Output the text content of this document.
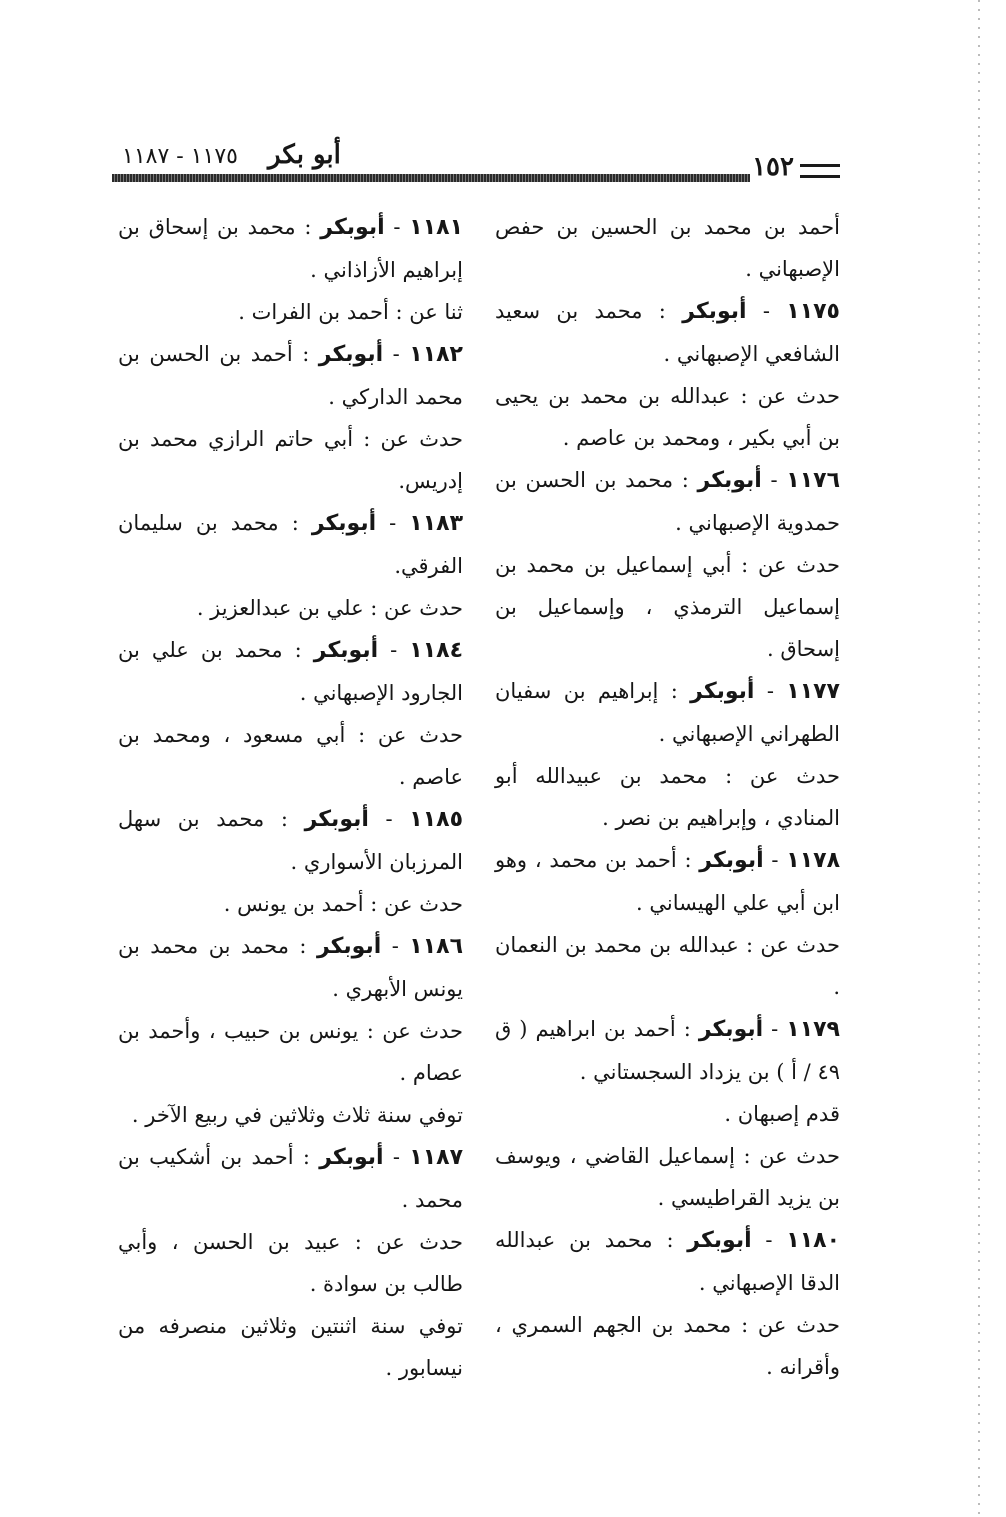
١١٧٥ - ١١٨٧ أبو بكر	١٥٢

أحمد بن محمد بن الحسين بن حفص الإصبهاني .

١١٧٥ - أبوبكر : محمد بن سعيد الشافعي الإصبهاني .

حدث عن : عبدالله بن محمد بن يحيى بن أبي بكير ، ومحمد بن عاصم .

١١٧٦ - أبوبكر : محمد بن الحسن بن حمدوية الإصبهاني .

حدث عن : أبي إسماعيل بن محمد بن إسماعيل الترمذي ، وإسماعيل بن إسحاق .

١١٧٧ - أبوبكر : إبراهيم بن سفيان الطهراني الإصبهاني .

حدث عن : محمد بن عبيدالله أبو المنادي ، وإبراهيم بن نصر .

١١٧٨ - أبوبكر : أحمد بن محمد ، وهو ابن أبي علي الهيساني .

حدث عن : عبدالله بن محمد بن النعمان .

١١٧٩ - أبوبكر : أحمد بن ابراهيم ( ق ٤٩ / أ ) بن يزداد السجستاني .

قدم إصبهان .

حدث عن : إسماعيل القاضي ، ويوسف بن يزيد القراطيسي .

١١٨٠ - أبوبكر : محمد بن عبدالله الدقا الإصبهاني .

حدث عن : محمد بن الجهم السمري ، وأقرانه .

١١٨١ - أبوبكر : محمد بن إسحاق بن إبراهيم الأزاذاني .

ثنا عن : أحمد بن الفرات .

١١٨٢ - أبوبكر : أحمد بن الحسن بن محمد الداركي .

حدث عن : أبي حاتم الرازي محمد بن إدريس.

١١٨٣ - أبوبكر : محمد بن سليمان الفرقي.

حدث عن : علي بن عبدالعزيز .

١١٨٤ - أبوبكر : محمد بن علي بن الجارود الإصبهاني .

حدث عن : أبي مسعود ، ومحمد بن عاصم .

١١٨٥ - أبوبكر : محمد بن سهل المرزبان الأسواري .

حدث عن : أحمد بن يونس .

١١٨٦ - أبوبكر : محمد بن محمد بن يونس الأبهري .

حدث عن : يونس بن حبيب ، وأحمد بن عصام .

توفي سنة ثلاث وثلاثين في ربيع الآخر .

١١٨٧ - أبوبكر : أحمد بن أشكيب بن محمد .

حدث عن : عبيد بن الحسن ، وأبي طالب بن سوادة .

توفي سنة اثنتين وثلاثين منصرفه من نيسابور .
